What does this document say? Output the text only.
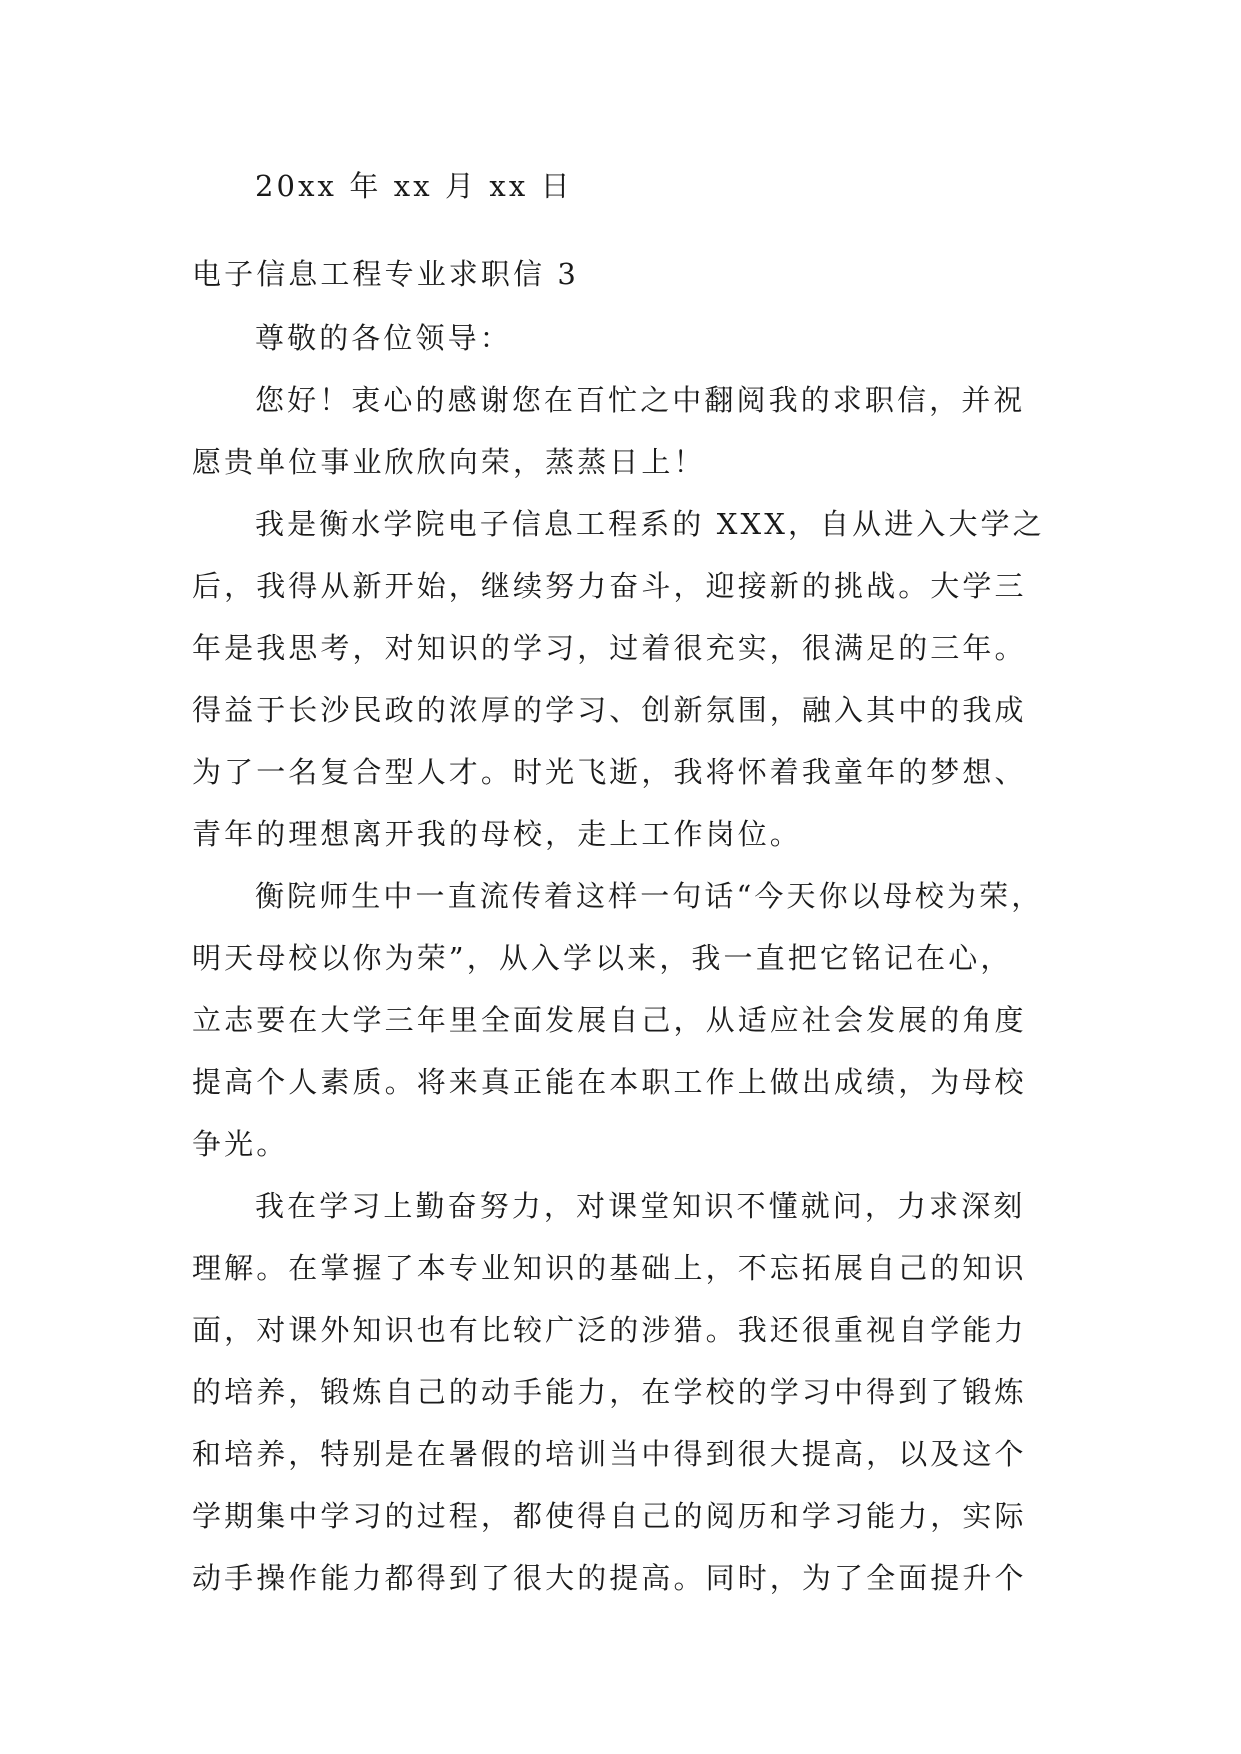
20xx 年 xx 月 xx 日
电子信息工程专业求职信 3
尊敬的各位领导：
您好！衷心的感谢您在百忙之中翻阅我的求职信，并祝
愿贵单位事业欣欣向荣，蒸蒸日上！
我是衡水学院电子信息工程系的 XXX，自从进入大学之
后，我得从新开始，继续努力奋斗，迎接新的挑战。大学三
年是我思考，对知识的学习，过着很充实，很满足的三年。
得益于长沙民政的浓厚的学习、创新氛围，融入其中的我成
为了一名复合型人才。时光飞逝，我将怀着我童年的梦想、
青年的理想离开我的母校，走上工作岗位。
衡院师生中一直流传着这样一句话“今天你以母校为荣，
明天母校以你为荣”，从入学以来，我一直把它铭记在心，
立志要在大学三年里全面发展自己，从适应社会发展的角度
提高个人素质。将来真正能在本职工作上做出成绩，为母校
争光。
我在学习上勤奋努力，对课堂知识不懂就问，力求深刻
理解。在掌握了本专业知识的基础上，不忘拓展自己的知识
面，对课外知识也有比较广泛的涉猎。我还很重视自学能力
的培养，锻炼自己的动手能力，在学校的学习中得到了锻炼
和培养，特别是在暑假的培训当中得到很大提高，以及这个
学期集中学习的过程，都使得自己的阅历和学习能力，实际
动手操作能力都得到了很大的提高。同时，为了全面提升个
